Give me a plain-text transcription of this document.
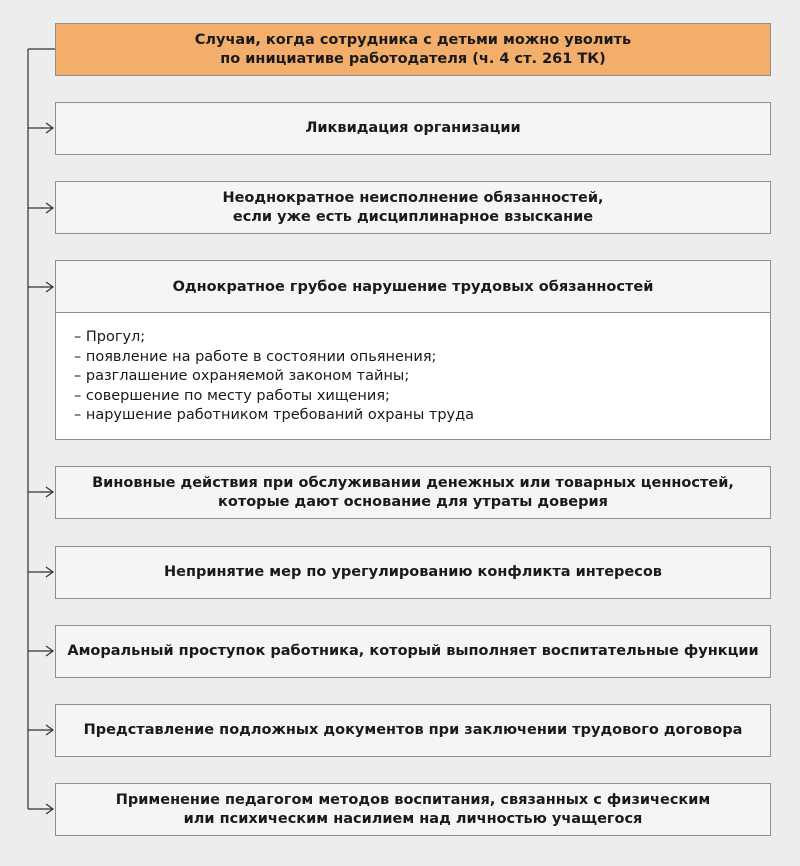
Случаи, когда сотрудника с детьми можно уволить
по инициативе работодателя (ч. 4 ст. 261 ТК)
Ликвидация организации
Неоднократное неисполнение обязанностей,
если уже есть дисциплинарное взыскание
Однократное грубое нарушение трудовых обязанностей
– Прогул;
– появление на работе в состоянии опьянения;
– разглашение охраняемой законом тайны;
– совершение по месту работы хищения;
– нарушение работником требований охраны труда
Виновные действия при обслуживании денежных или товарных ценностей,
которые дают основание для утраты доверия
Непринятие мер по урегулированию конфликта интересов
Аморальный проступок работника, который выполняет воспитательные функции
Представление подложных документов при заключении трудового договора
Применение педагогом методов воспитания, связанных с физическим
или психическим насилием над личностью учащегося
